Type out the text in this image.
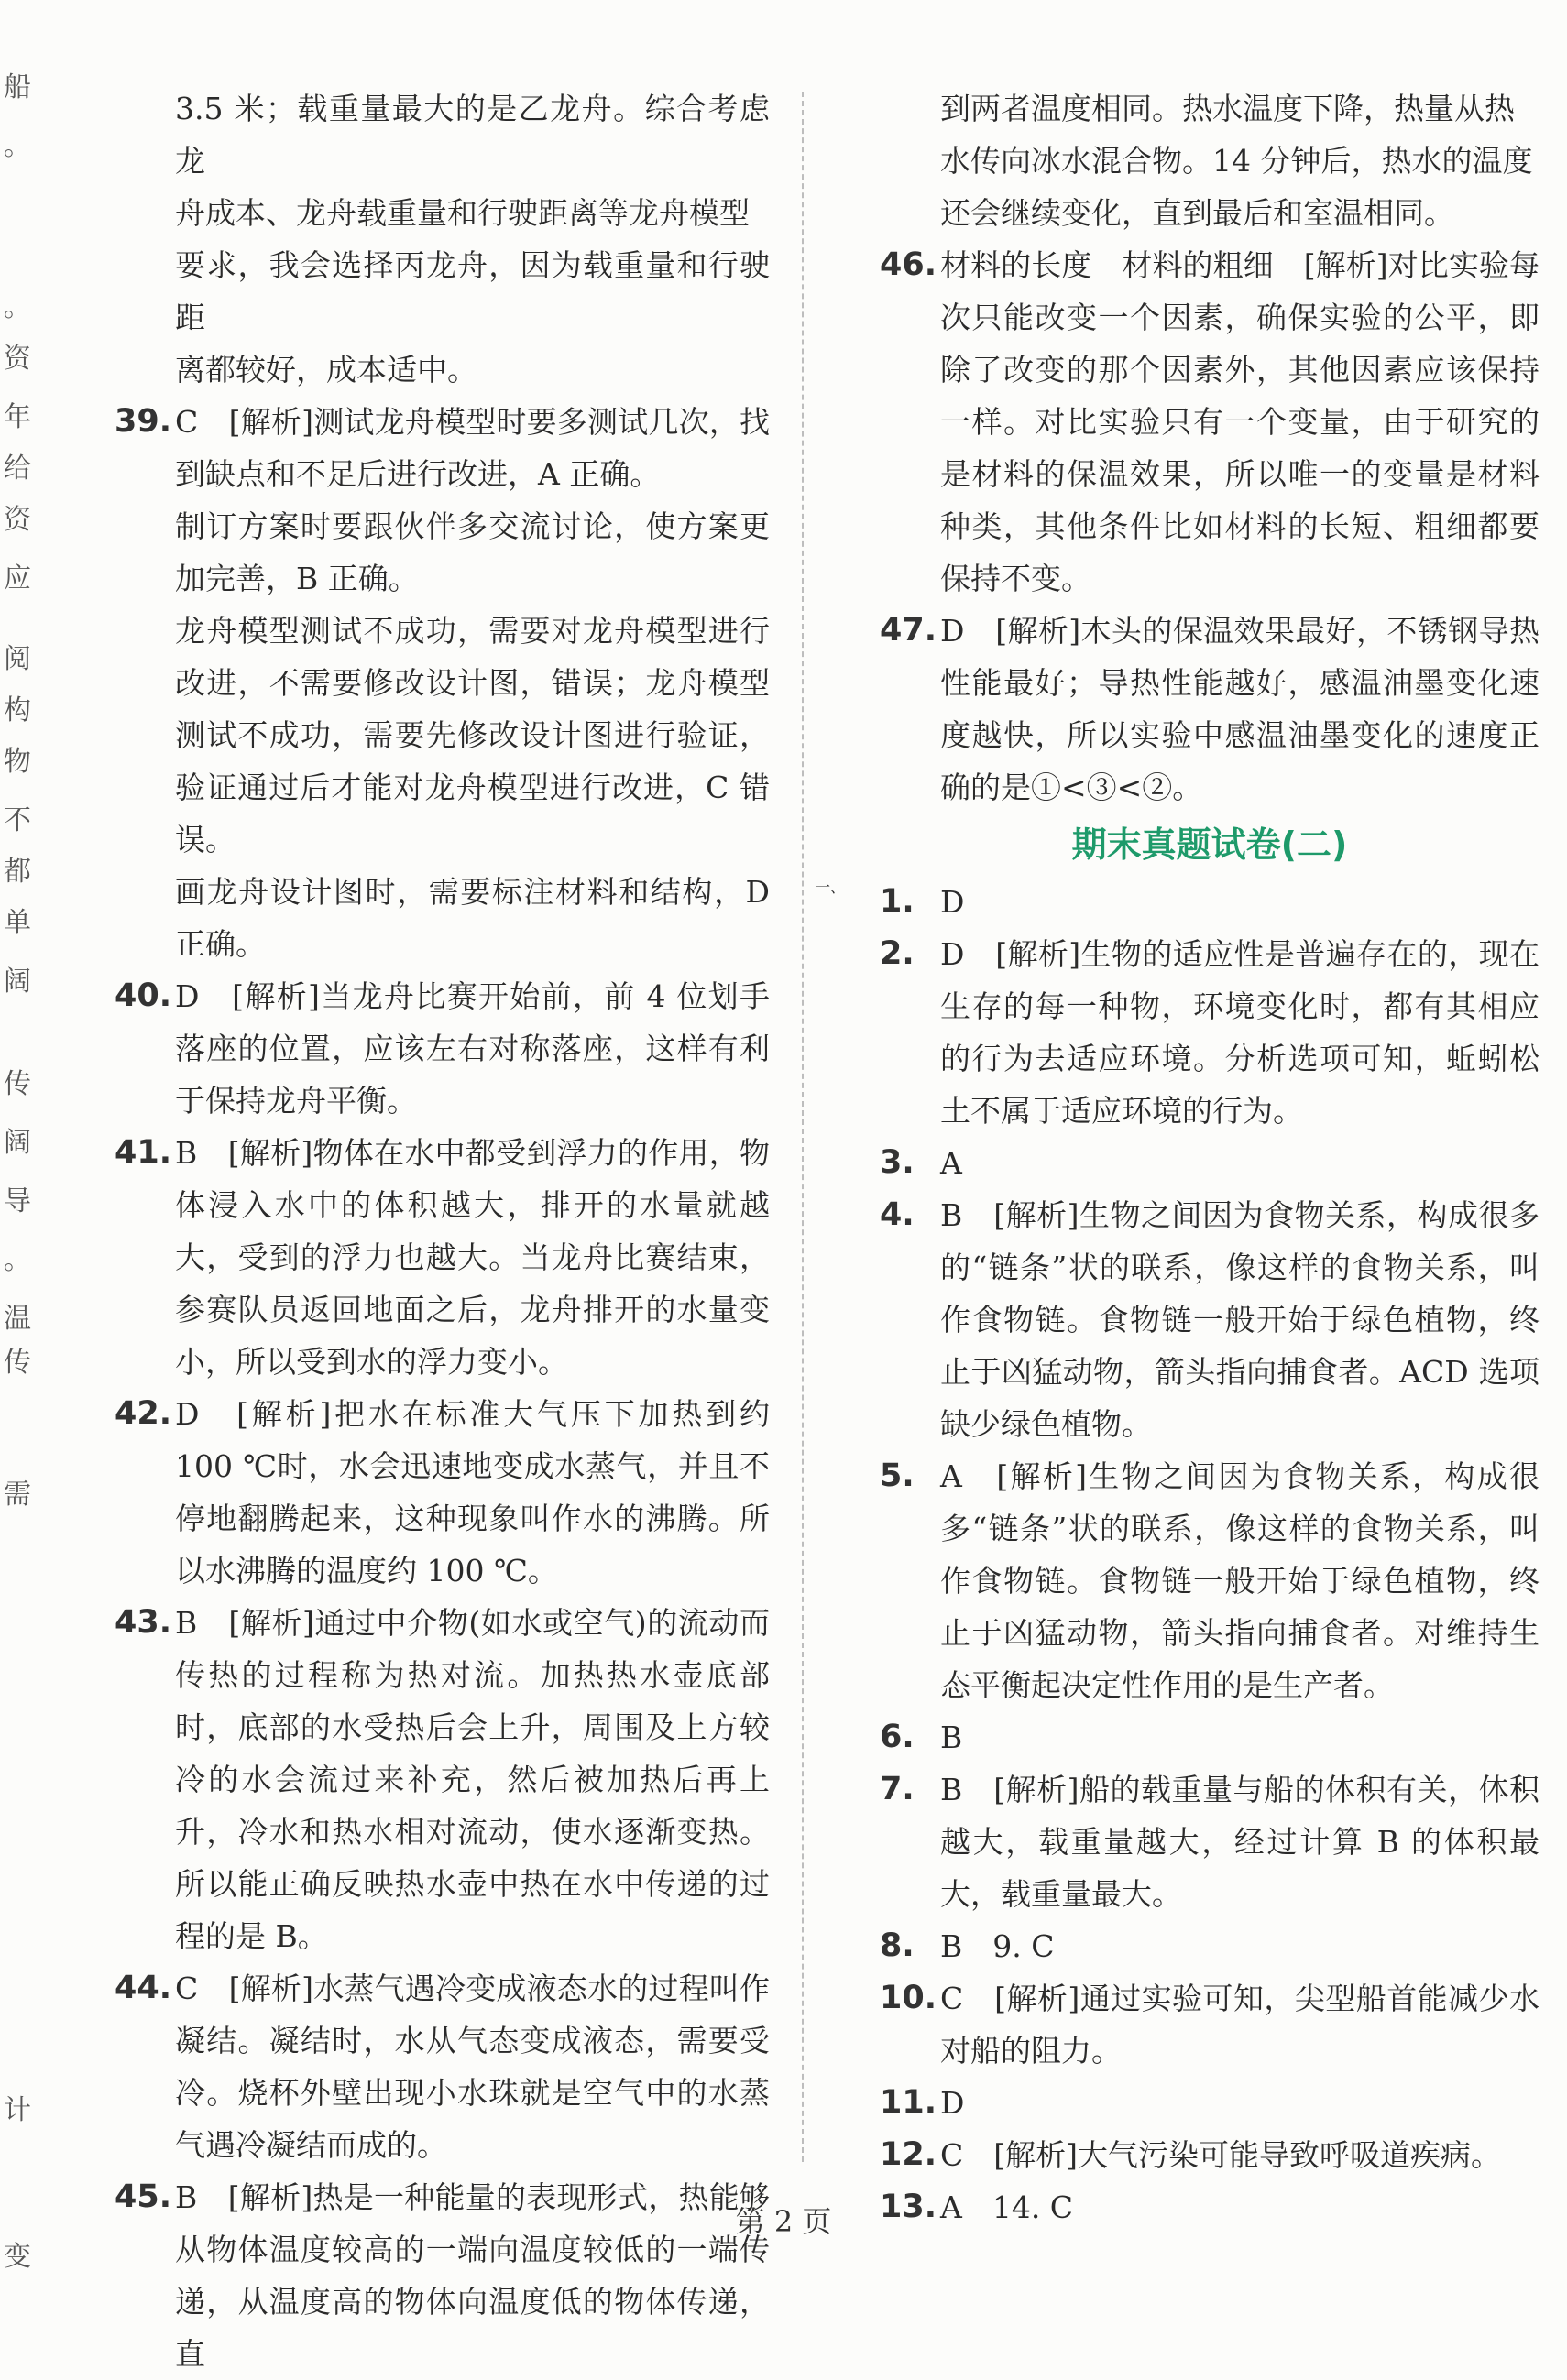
船
。
。
资
年
给
资
应
阅
构
物
不
都
单
阔
传
阔
导
。
温
传
需
计
变

3.5 米；载重量最大的是乙龙舟。综合考虑龙

舟成本、龙舟载重量和行驶距离等龙舟模型

要求，我会选择丙龙舟，因为载重量和行驶距

离都较好，成本适中。

39. C　[解析]测试龙舟模型时要多测试几次，找到缺点和不足后进行改进，A 正确。

制订方案时要跟伙伴多交流讨论，使方案更加完善，B 正确。

龙舟模型测试不成功，需要对龙舟模型进行改进，不需要修改设计图，错误；龙舟模型测试不成功，需要先修改设计图进行验证，验证通过后才能对龙舟模型进行改进，C 错误。

画龙舟设计图时，需要标注材料和结构，D 正确。

40. D　[解析]当龙舟比赛开始前，前 4 位划手落座的位置，应该左右对称落座，这样有利于保持龙舟平衡。

41. B　[解析]物体在水中都受到浮力的作用，物体浸入水中的体积越大，排开的水量就越大，受到的浮力也越大。当龙舟比赛结束，参赛队员返回地面之后，龙舟排开的水量变小，所以受到水的浮力变小。

42. D　[解析]把水在标准大气压下加热到约 100 ℃时，水会迅速地变成水蒸气，并且不停地翻腾起来，这种现象叫作水的沸腾。所以水沸腾的温度约 100 ℃。

43. B　[解析]通过中介物(如水或空气)的流动而传热的过程称为热对流。加热热水壶底部时，底部的水受热后会上升，周围及上方较冷的水会流过来补充，然后被加热后再上升，冷水和热水相对流动，使水逐渐变热。所以能正确反映热水壶中热在水中传递的过程的是 B。

44. C　[解析]水蒸气遇冷变成液态水的过程叫作凝结。凝结时，水从气态变成液态，需要受冷。烧杯外壁出现小水珠就是空气中的水蒸气遇冷凝结而成的。

45. B　[解析]热是一种能量的表现形式，热能够从物体温度较高的一端向温度较低的一端传递，从温度高的物体向温度低的物体传递，直

到两者温度相同。热水温度下降，热量从热

水传向冰水混合物。14 分钟后，热水的温度

还会继续变化，直到最后和室温相同。

46. 材料的长度　材料的粗细　[解析]对比实验每次只能改变一个因素，确保实验的公平，即除了改变的那个因素外，其他因素应该保持一样。对比实验只有一个变量，由于研究的是材料的保温效果，所以唯一的变量是材料种类，其他条件比如材料的长短、粗细都要保持不变。

47. D　[解析]木头的保温效果最好，不锈钢导热性能最好；导热性能越好，感温油墨变化速度越快，所以实验中感温油墨变化的速度正确的是①<③<②。

期末真题试卷(二)
一、 1. D

2. D　[解析]生物的适应性是普遍存在的，现在生存的每一种物，环境变化时，都有其相应的行为去适应环境。分析选项可知，蚯蚓松土不属于适应环境的行为。

3. A

4. B　[解析]生物之间因为食物关系，构成很多的“链条”状的联系，像这样的食物关系，叫作食物链。食物链一般开始于绿色植物，终止于凶猛动物，箭头指向捕食者。ACD 选项缺少绿色植物。

5. A　[解析]生物之间因为食物关系，构成很多“链条”状的联系，像这样的食物关系，叫作食物链。食物链一般开始于绿色植物，终止于凶猛动物，箭头指向捕食者。对维持生态平衡起决定性作用的是生产者。

6. B

7. B　[解析]船的载重量与船的体积有关，体积越大，载重量越大，经过计算 B 的体积最大，载重量最大。

8. B　9. C

10. C　[解析]通过实验可知，尖型船首能减少水对船的阻力。

11. D

12. C　[解析]大气污染可能导致呼吸道疾病。

13. A　14. C

第 2 页
